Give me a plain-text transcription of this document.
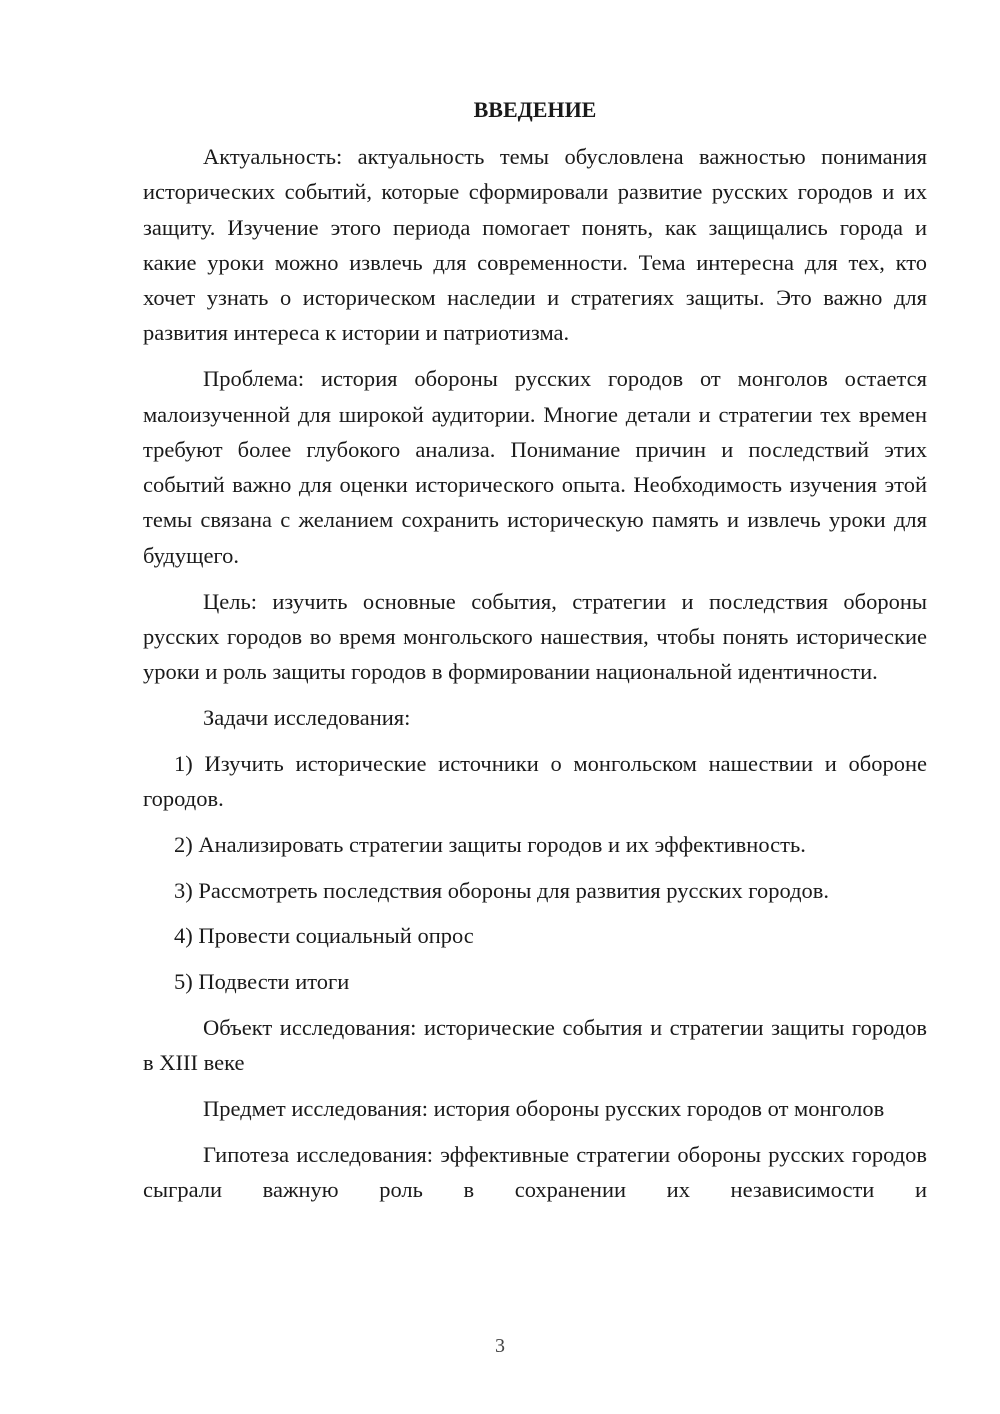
ВВЕДЕНИЕ

Актуальность: актуальность темы обусловлена важностью понимания исторических событий, которые сформировали развитие русских городов и их защиту. Изучение этого периода помогает понять, как защищались города и какие уроки можно извлечь для современности. Тема интересна для тех, кто хочет узнать о историческом наследии и стратегиях защиты. Это важно для развития интереса к истории и патриотизма.

Проблема: история обороны русских городов от монголов остается малоизученной для широкой аудитории. Многие детали и стратегии тех времен требуют более глубокого анализа. Понимание причин и последствий этих событий важно для оценки исторического опыта. Необходимость изучения этой темы связана с желанием сохранить историческую память и извлечь уроки для будущего.

Цель: изучить основные события, стратегии и последствия обороны русских городов во время монгольского нашествия, чтобы понять исторические уроки и роль защиты городов в формировании национальной идентичности.

Задачи исследования:

1) Изучить исторические источники о монгольском нашествии и обороне городов.

2) Анализировать стратегии защиты городов и их эффективность.

3) Рассмотреть последствия обороны для развития русских городов.

4) Провести социальный опрос

5) Подвести итоги

Объект исследования: исторические события и стратегии защиты городов в XIII веке

Предмет исследования: история обороны русских городов от монголов

Гипотеза исследования: эффективные стратегии обороны русских городов сыграли важную роль в сохранении их независимости и

3
